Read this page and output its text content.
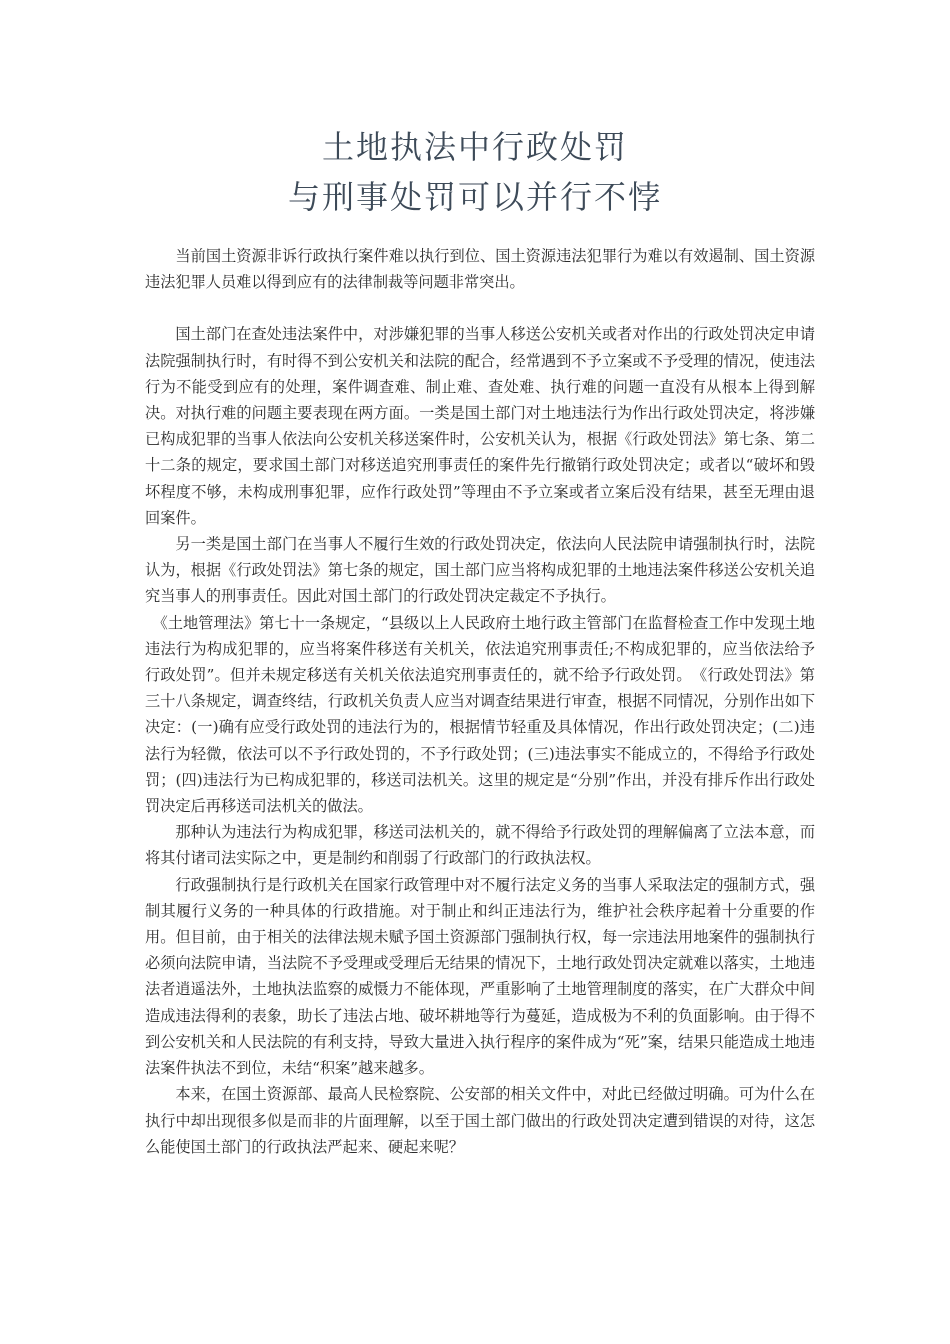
土地执法中行政处罚
与刑事处罚可以并行不悖

当前国土资源非诉行政执行案件难以执行到位、国土资源违法犯罪行为难以有效遏制、国土资源违法犯罪人员难以得到应有的法律制裁等问题非常突出。

国土部门在查处违法案件中，对涉嫌犯罪的当事人移送公安机关或者对作出的行政处罚决定申请法院强制执行时，有时得不到公安机关和法院的配合，经常遇到不予立案或不予受理的情况，使违法行为不能受到应有的处理，案件调查难、制止难、查处难、执行难的问题一直没有从根本上得到解决。对执行难的问题主要表现在两方面。一类是国土部门对土地违法行为作出行政处罚决定，将涉嫌已构成犯罪的当事人依法向公安机关移送案件时，公安机关认为，根据《行政处罚法》第七条、第二十二条的规定，要求国土部门对移送追究刑事责任的案件先行撤销行政处罚决定；或者以“破坏和毁坏程度不够，未构成刑事犯罪，应作行政处罚”等理由不予立案或者立案后没有结果，甚至无理由退回案件。

另一类是国土部门在当事人不履行生效的行政处罚决定，依法向人民法院申请强制执行时，法院认为，根据《行政处罚法》第七条的规定，国土部门应当将构成犯罪的土地违法案件移送公安机关追究当事人的刑事责任。因此对国土部门的行政处罚决定裁定不予执行。

《土地管理法》第七十一条规定，“县级以上人民政府土地行政主管部门在监督检查工作中发现土地违法行为构成犯罪的，应当将案件移送有关机关，依法追究刑事责任;不构成犯罪的，应当依法给予行政处罚”。但并未规定移送有关机关依法追究刑事责任的，就不给予行政处罚。　《行政处罚法》第三十八条规定，调查终结，行政机关负责人应当对调查结果进行审查，根据不同情况，分别作出如下决定：(一)确有应受行政处罚的违法行为的，根据情节轻重及具体情况，作出行政处罚决定；(二)违法行为轻微，依法可以不予行政处罚的，不予行政处罚；(三)违法事实不能成立的，不得给予行政处罚；(四)违法行为已构成犯罪的，移送司法机关。这里的规定是“分别”作出，并没有排斥作出行政处罚决定后再移送司法机关的做法。

那种认为违法行为构成犯罪，移送司法机关的，就不得给予行政处罚的理解偏离了立法本意，而将其付诸司法实际之中，更是制约和削弱了行政部门的行政执法权。

行政强制执行是行政机关在国家行政管理中对不履行法定义务的当事人采取法定的强制方式，强制其履行义务的一种具体的行政措施。对于制止和纠正违法行为，维护社会秩序起着十分重要的作用。但目前，由于相关的法律法规未赋予国土资源部门强制执行权，每一宗违法用地案件的强制执行必须向法院申请，当法院不予受理或受理后无结果的情况下，土地行政处罚决定就难以落实，土地违法者逍遥法外，土地执法监察的威慑力不能体现，严重影响了土地管理制度的落实，在广大群众中间造成违法得利的表象，助长了违法占地、破坏耕地等行为蔓延，造成极为不利的负面影响。由于得不到公安机关和人民法院的有利支持，导致大量进入执行程序的案件成为“死”案，结果只能造成土地违法案件执法不到位，未结“积案”越来越多。

本来，在国土资源部、最高人民检察院、公安部的相关文件中，对此已经做过明确。可为什么在执行中却出现很多似是而非的片面理解，以至于国土部门做出的行政处罚决定遭到错误的对待，这怎么能使国土部门的行政执法严起来、硬起来呢？
